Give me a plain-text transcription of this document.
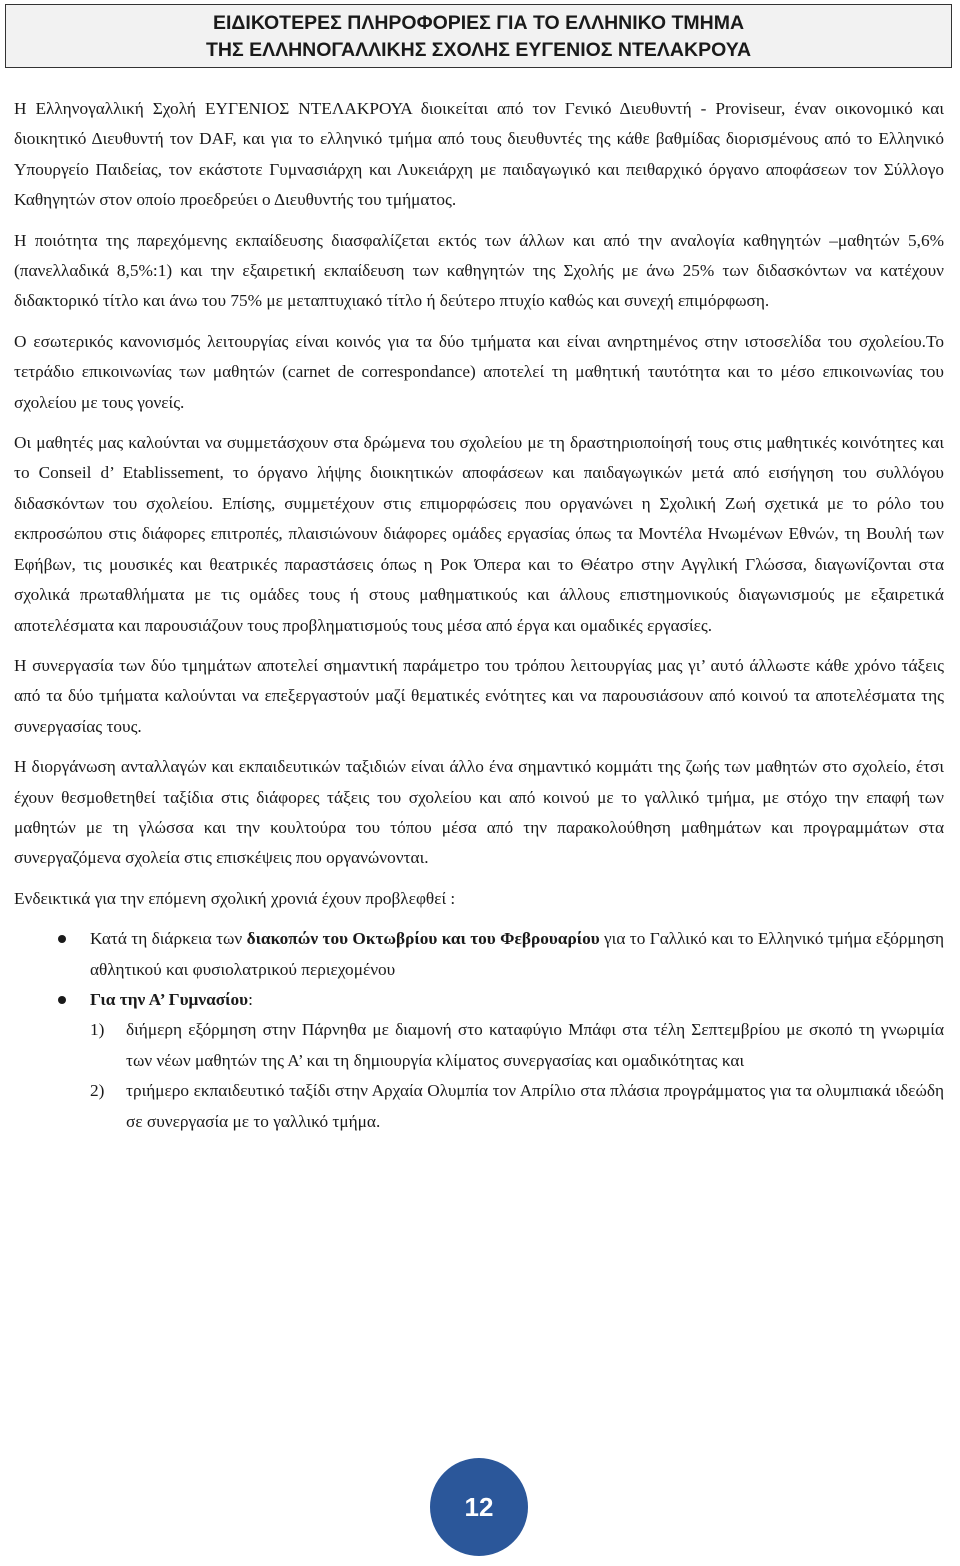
ΕΙΔΙΚΟΤΕΡΕΣ ΠΛΗΡΟΦΟΡΙΕΣ ΓΙΑ ΤΟ ΕΛΛΗΝΙΚΟ ΤΜΗΜΑ
ΤΗΣ ΕΛΛΗΝΟΓΑΛΛΙΚΗΣ ΣΧΟΛΗΣ ΕΥΓΕΝΙΟΣ ΝΤΕΛΑΚΡΟΥΑ

Η Ελληνογαλλική Σχολή ΕΥΓΕΝΙΟΣ ΝΤΕΛΑΚΡΟΥΑ διοικείται από τον Γενικό Διευθυντή - Proviseur, έναν οικονομικό και διοικητικό Διευθυντή τον DAF, και για το ελληνικό τμήμα από τους διευθυντές της κάθε βαθμίδας διορισμένους από το Ελληνικό Υπουργείο Παιδείας, τον εκάστοτε Γυμνασιάρχη και Λυκειάρχη με παιδαγωγικό και πειθαρχικό όργανο αποφάσεων τον Σύλλογο Καθηγητών στον οποίο προεδρεύει ο Διευθυντής του τμήματος.

Η ποιότητα της παρεχόμενης εκπαίδευσης διασφαλίζεται εκτός των άλλων και από την αναλογία καθηγητών –μαθητών 5,6% (πανελλαδικά 8,5%:1) και την εξαιρετική εκπαίδευση των καθηγητών της Σχολής με άνω 25% των διδασκόντων να κατέχουν διδακτορικό τίτλο και άνω του 75% με μεταπτυχιακό τίτλο ή δεύτερο πτυχίο καθώς και συνεχή επιμόρφωση.

Ο εσωτερικός κανονισμός λειτουργίας είναι κοινός για τα δύο τμήματα και είναι ανηρτημένος στην ιστοσελίδα του σχολείου.Το τετράδιο επικοινωνίας των μαθητών (carnet de correspondance) αποτελεί τη μαθητική ταυτότητα και το μέσο επικοινωνίας του σχολείου με τους γονείς.

Οι μαθητές μας καλούνται να συμμετάσχουν στα δρώμενα του σχολείου με τη δραστηριοποίησή τους στις μαθητικές κοινότητες και το Conseil d’ Etablissement, το όργανο λήψης διοικητικών αποφάσεων και παιδαγωγικών μετά από εισήγηση του συλλόγου διδασκόντων του σχολείου. Επίσης, συμμετέχουν στις επιμορφώσεις που οργανώνει η Σχολική Ζωή σχετικά με το ρόλο του εκπροσώπου στις διάφορες επιτροπές, πλαισιώνουν διάφορες ομάδες εργασίας όπως τα Μοντέλα Ηνωμένων Εθνών, τη Βουλή των Εφήβων, τις μουσικές και θεατρικές παραστάσεις όπως η Ροκ Όπερα και το Θέατρο στην Αγγλική Γλώσσα, διαγωνίζονται στα σχολικά πρωταθλήματα με τις ομάδες τους ή στους μαθηματικούς και άλλους επιστημονικούς διαγωνισμούς με εξαιρετικά αποτελέσματα και παρουσιάζουν τους προβληματισμούς τους μέσα από έργα και ομαδικές εργασίες.

Η συνεργασία των δύο τμημάτων αποτελεί σημαντική παράμετρο του τρόπου λειτουργίας μας γι’ αυτό άλλωστε κάθε χρόνο τάξεις από τα δύο τμήματα καλούνται να επεξεργαστούν μαζί θεματικές ενότητες και να παρουσιάσουν από κοινού τα αποτελέσματα της συνεργασίας τους.

Η διοργάνωση ανταλλαγών και εκπαιδευτικών ταξιδιών είναι άλλο ένα σημαντικό κομμάτι της ζωής των μαθητών στο σχολείο, έτσι έχουν θεσμοθετηθεί ταξίδια στις διάφορες τάξεις του σχολείου και από κοινού με το γαλλικό τμήμα, με στόχο την επαφή των μαθητών με τη γλώσσα και την κουλτούρα του τόπου μέσα από την παρακολούθηση μαθημάτων και προγραμμάτων στα συνεργαζόμενα σχολεία στις επισκέψεις που οργανώνονται.

Ενδεικτικά για την επόμενη σχολική χρονιά έχουν προβλεφθεί :

Κατά τη διάρκεια των διακοπών του Οκτωβρίου και του Φεβρουαρίου για το Γαλλικό και το Ελληνικό τμήμα εξόρμηση αθλητικού και φυσιολατρικού περιεχομένου
Για την Α’ Γυμνασίου:
1) διήμερη εξόρμηση στην Πάρνηθα με διαμονή στο καταφύγιο Μπάφι στα τέλη Σεπτεμβρίου με σκοπό τη γνωριμία των νέων μαθητών της Α’ και τη δημιουργία κλίματος συνεργασίας και ομαδικότητας και
2) τριήμερο εκπαιδευτικό ταξίδι στην Αρχαία Ολυμπία τον Απρίλιο στα πλάσια προγράμματος για τα ολυμπιακά ιδεώδη σε συνεργασία με το γαλλικό τμήμα.
12
